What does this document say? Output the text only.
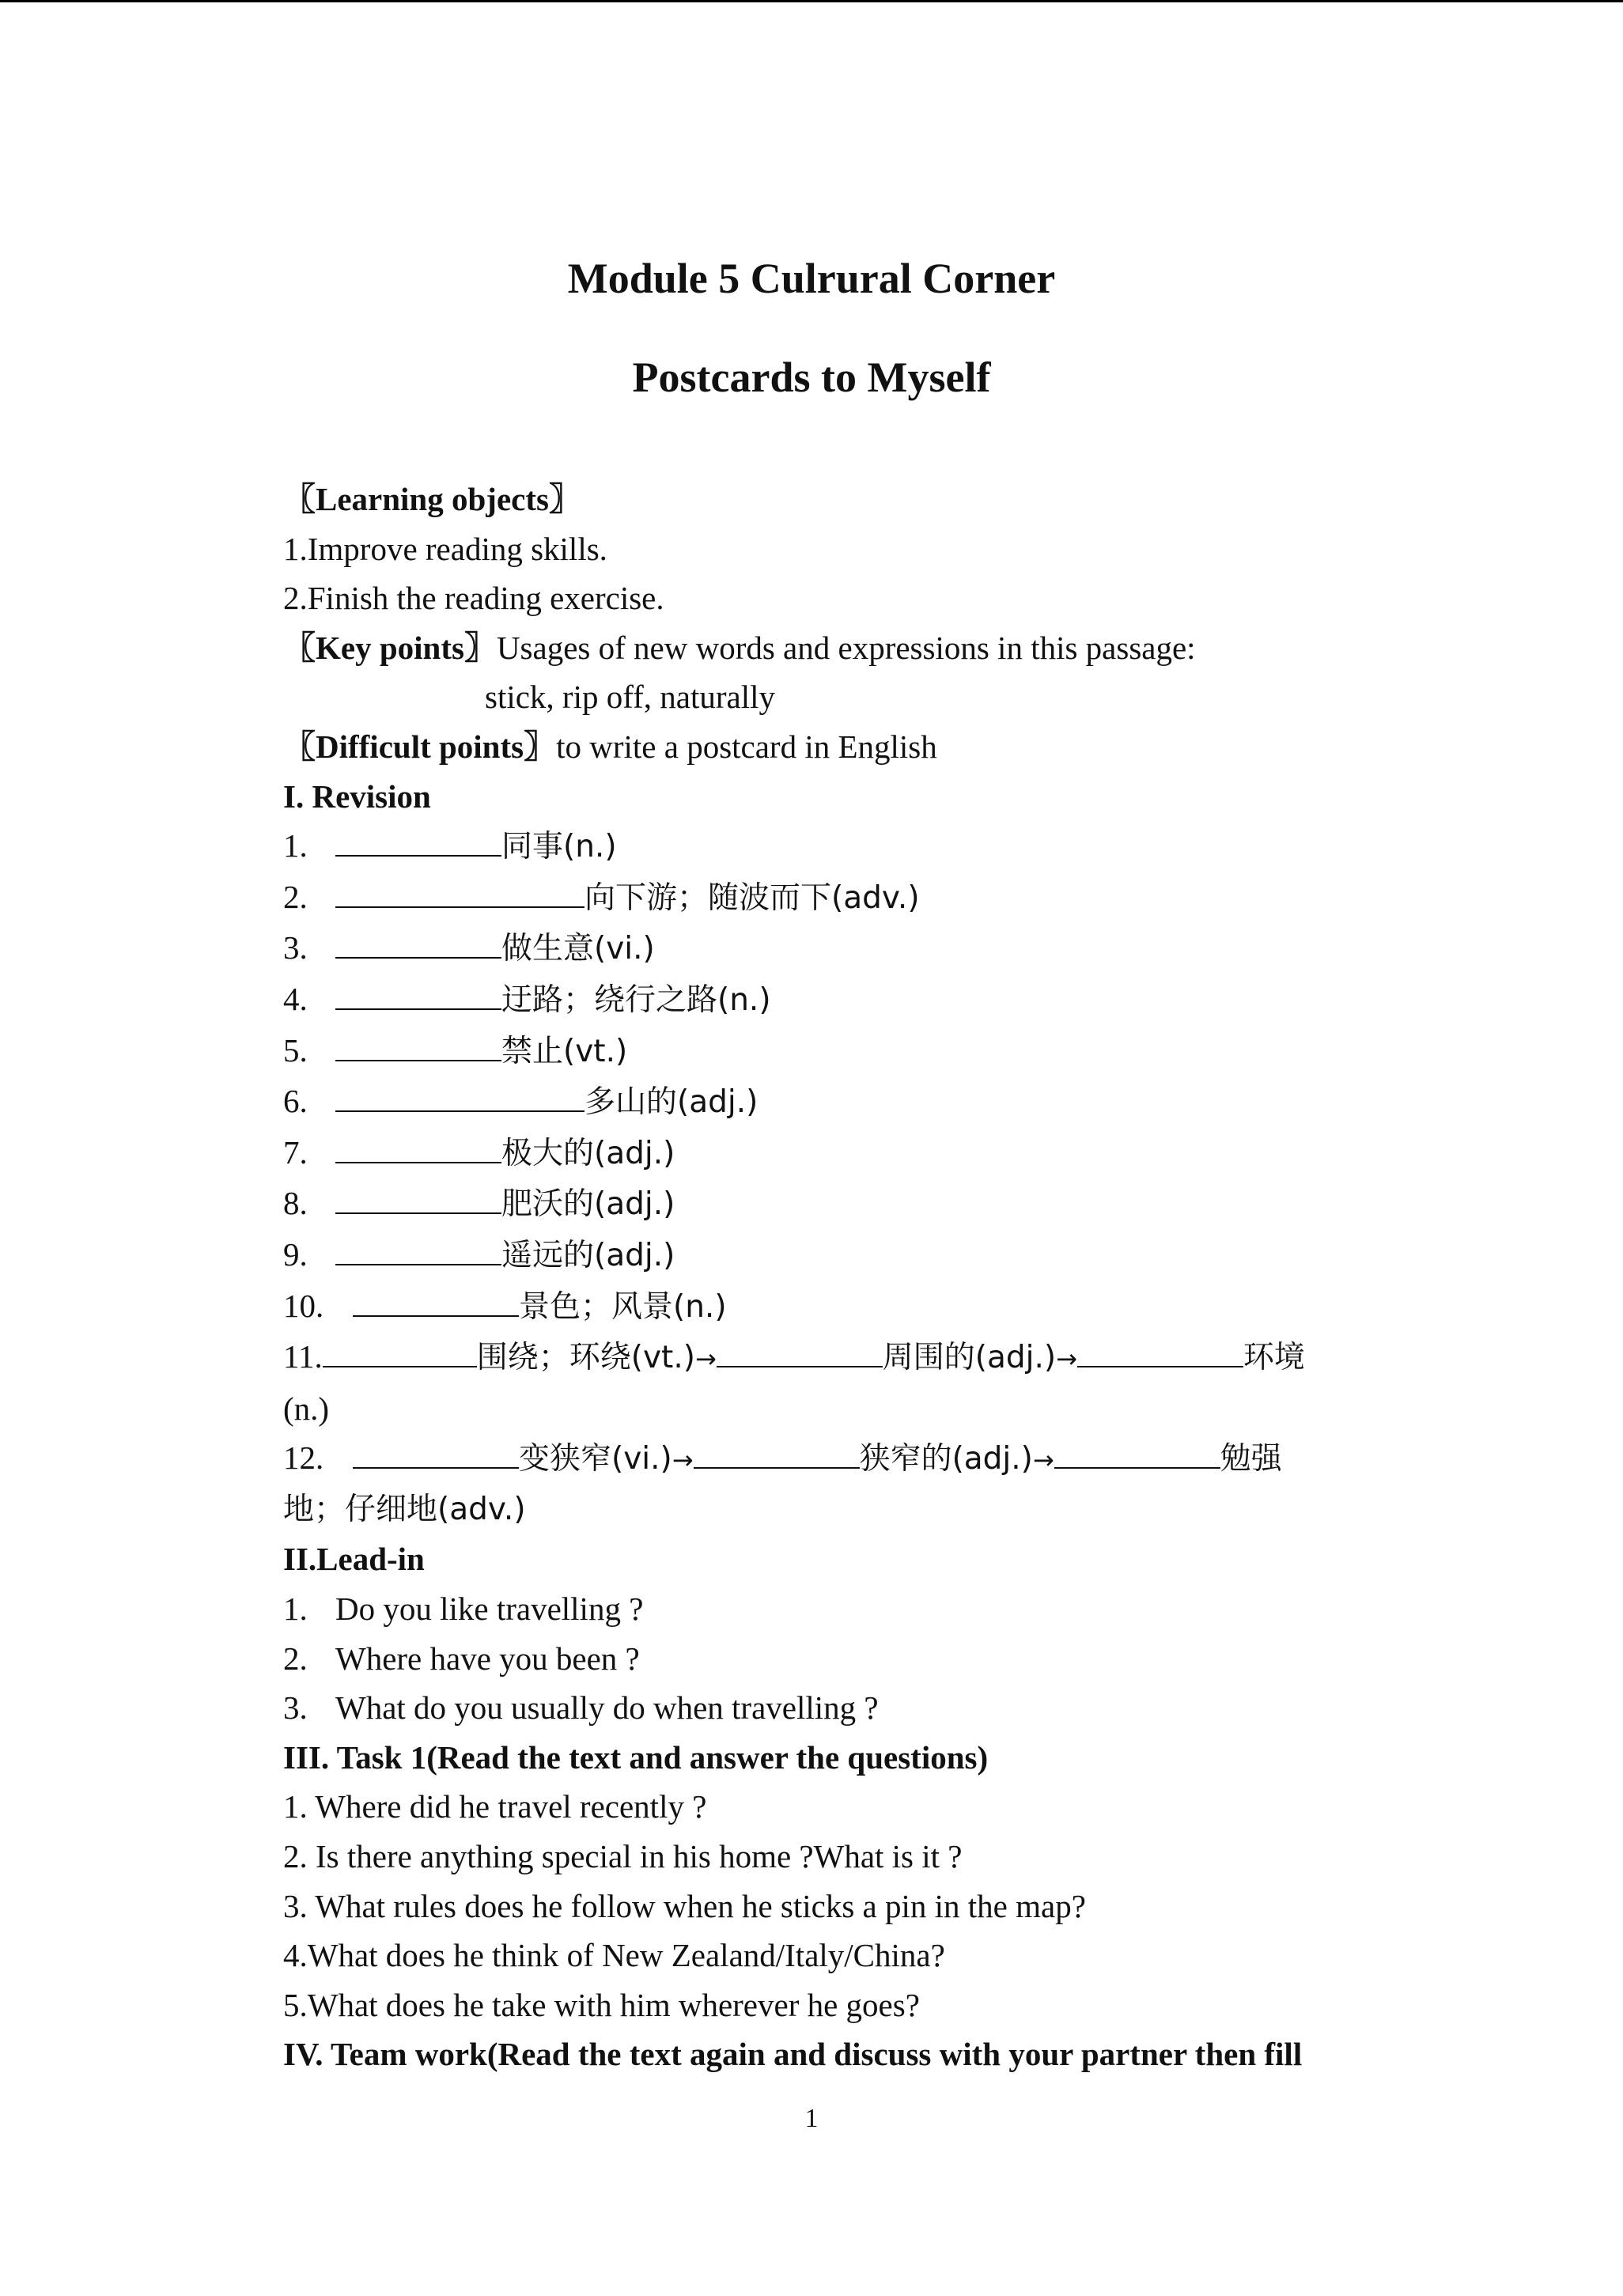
Module 5 Culrural Corner
Postcards to Myself
〖Learning objects〗
1.Improve reading skills.
2.Finish the reading exercise.
〖Key points〗Usages of new words and expressions in this passage:
stick, rip off, naturally
〖Difficult points〗to write a postcard in English
I. Revision
1.	同事(n.)
2.	向下游；随波而下(adv.)
3.	做生意(vi.)
4.	迂路；绕行之路(n.)
5.	禁止(vt.)
6.	多山的(adj.)
7.	极大的(adj.)
8.	肥沃的(adj.)
9.	遥远的(adj.)
10.	景色；风景(n.)
11.	围绕；环绕(vt.)→	周围的(adj.)→	环境
(n.)
12.	变狭窄(vi.)→	狭窄的(adj.)→	勉强
地；仔细地(adv.)
II.Lead-in
1. Do you like travelling ?
2. Where have you been ?
3. What do you usually do when travelling ?
III. Task 1(Read the text and answer the questions)
1. Where did he travel recently ?
2. Is there anything special in his home ?What is it ?
3. What rules does he follow when he sticks a pin in the map?
4.What does he think of New Zealand/Italy/China?
5.What does he take with him wherever he goes?
IV. Team work(Read the text again and discuss with your partner then fill
1
